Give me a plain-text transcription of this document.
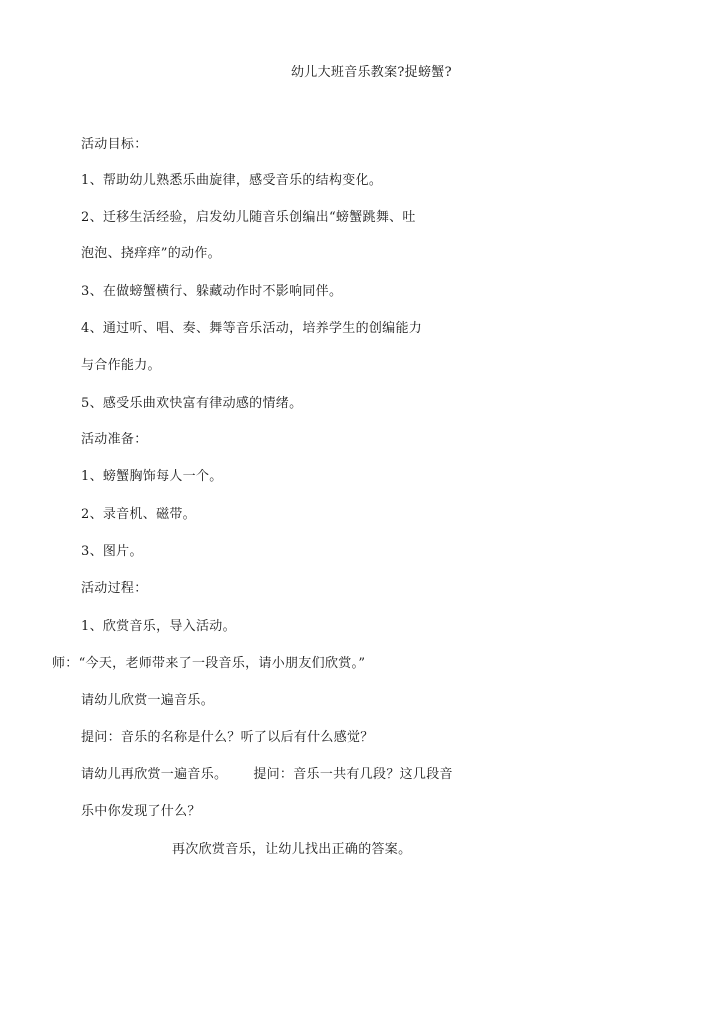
幼儿大班音乐教案?捉螃蟹?
活动目标：
1、帮助幼儿熟悉乐曲旋律，感受音乐的结构变化。
2、迁移生活经验，启发幼儿随音乐创编出“螃蟹跳舞、吐
泡泡、挠痒痒”的动作。
3、在做螃蟹横行、躲藏动作时不影响同伴。
4、通过听、唱、奏、舞等音乐活动，培养学生的创编能力
与合作能力。
5、感受乐曲欢快富有律动感的情绪。
活动准备：
1、螃蟹胸饰每人一个。
2、录音机、磁带。
3、图片。
活动过程：
1、欣赏音乐，导入活动。
师：“今天，老师带来了一段音乐，请小朋友们欣赏。”
请幼儿欣赏一遍音乐。
提问：音乐的名称是什么？听了以后有什么感觉？
请幼儿再欣赏一遍音乐。 提问：音乐一共有几段？这几段音
乐中你发现了什么？
再次欣赏音乐，让幼儿找出正确的答案。
